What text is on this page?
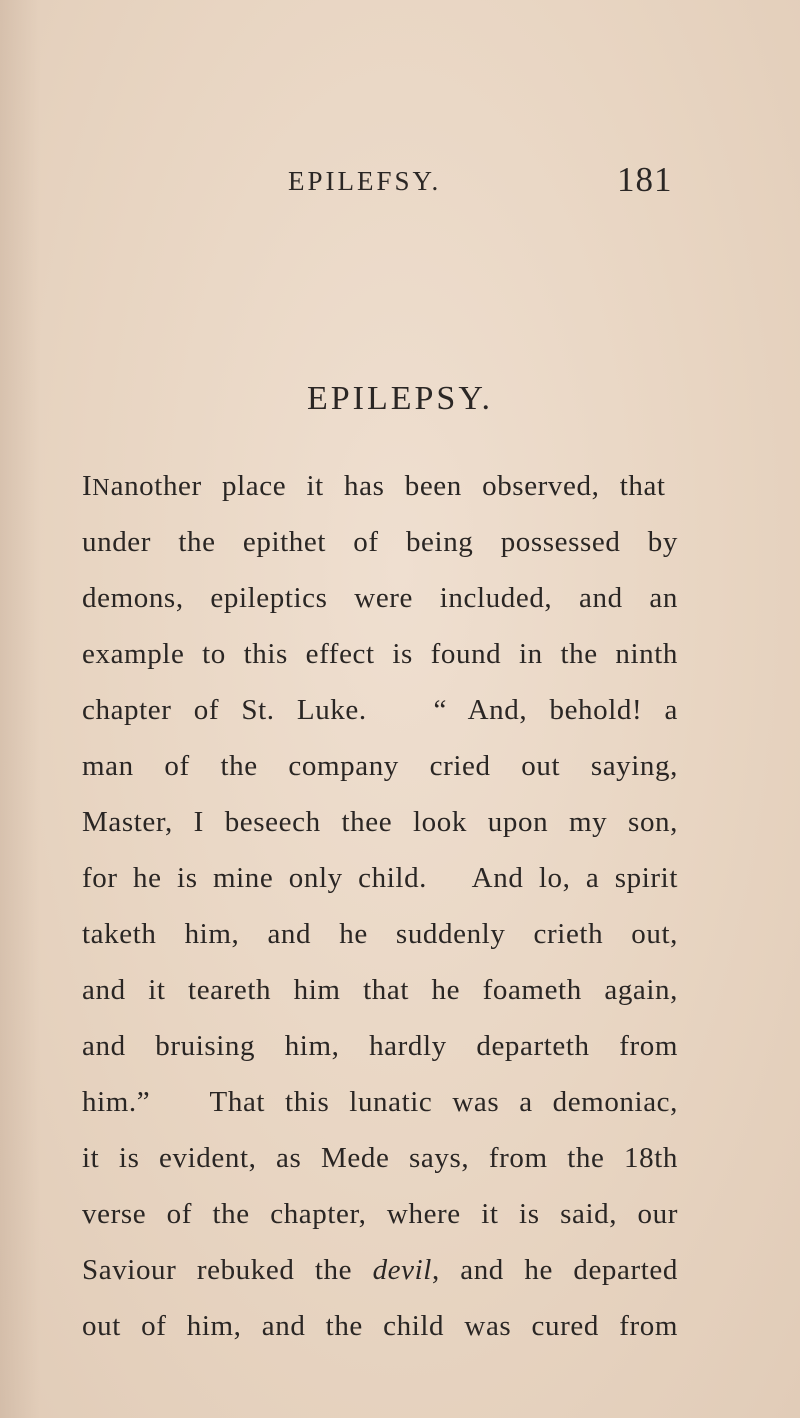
EPILEFSY.	181
EPILEPSY.
INanother place it has been observed, that
under the epithet of being possessed by
demons, epileptics were included, and an
example to this effect is found in the ninth
chapter of St. Luke.   “ And, behold! a
man of the company cried out saying,
Master, I beseech thee look upon my son,
for he is mine only child.   And lo, a spirit
taketh him, and he suddenly crieth out,
and it teareth him that he foameth again,
and bruising him, hardly departeth from
him.”   That this lunatic was a demoniac,
it is evident, as Mede says, from the 18th
verse of the chapter, where it is said, our
Saviour rebuked the devil, and he departed
out of him, and the child was cured from
